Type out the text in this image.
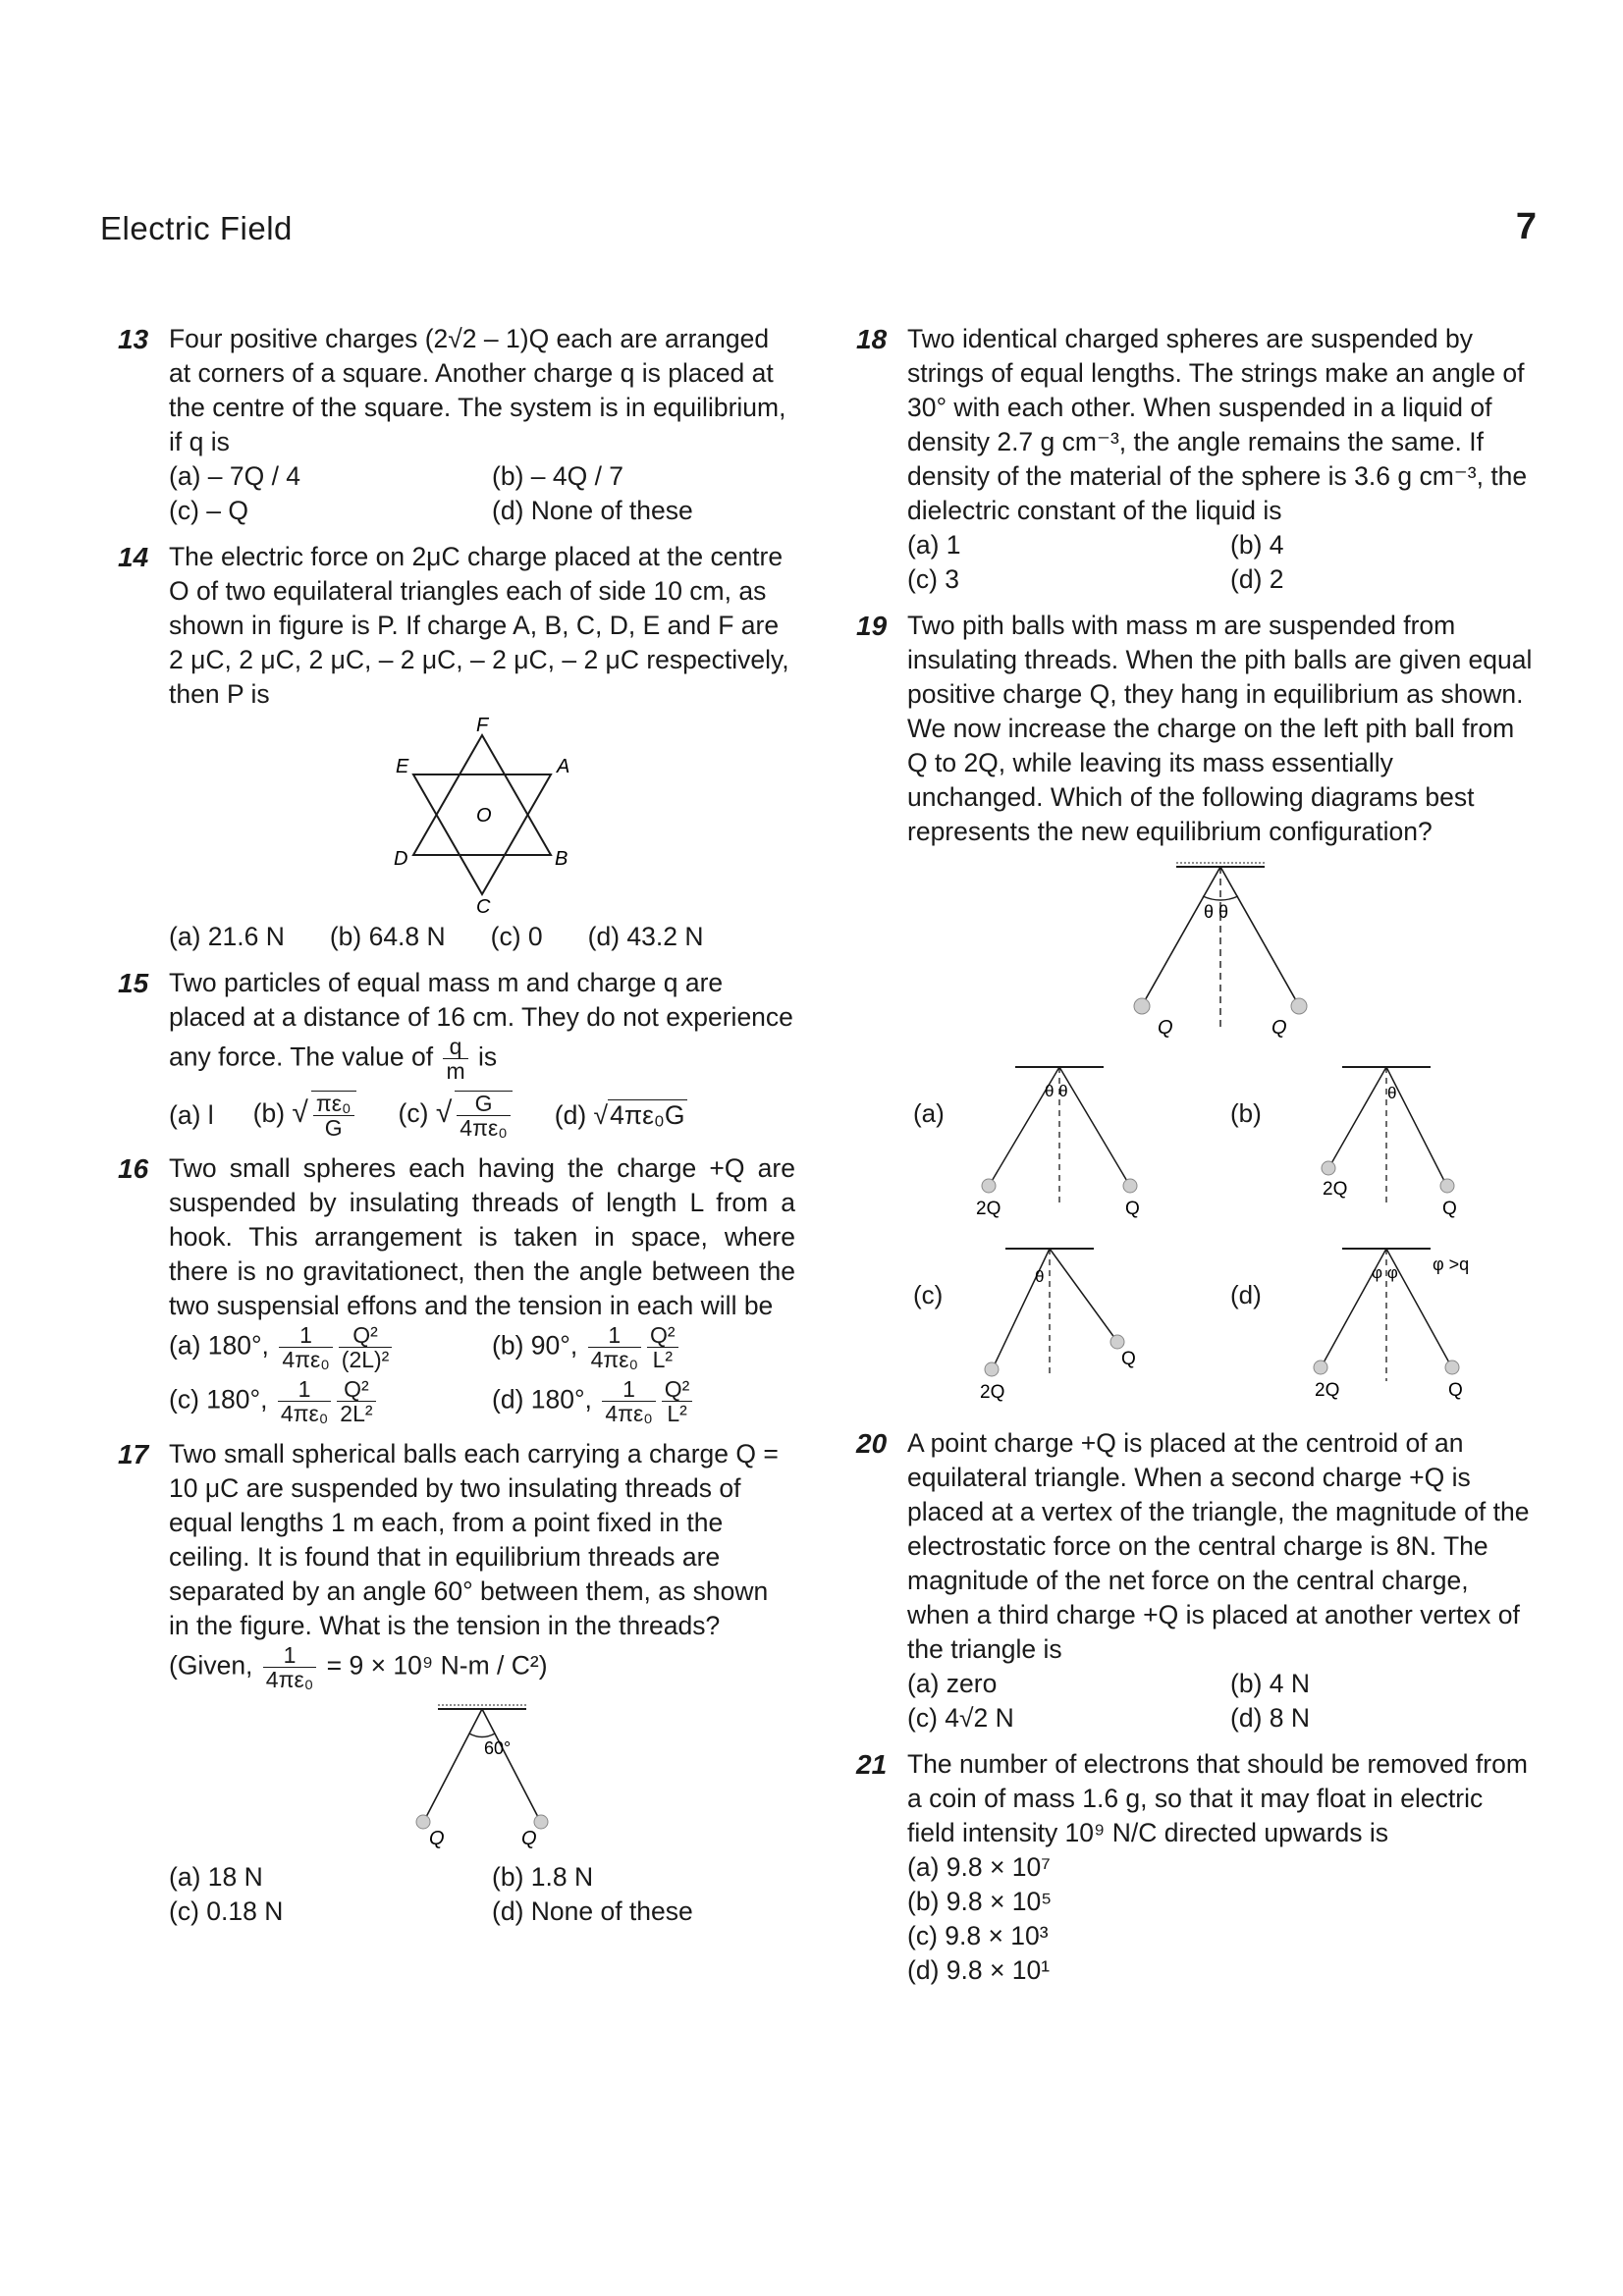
Electric Field	7
13 Four positive charges (2√2 – 1)Q each are arranged at corners of a square. Another charge q is placed at the centre of the square. The system is in equilibrium, if q is
(a) – 7Q / 4	(b) – 4Q / 7
(c) – Q	(d) None of these
14 The electric force on 2μC charge placed at the centre O of two equilateral triangles each of side 10 cm, as shown in figure is P. If charge A, B, C, D, E and F are 2 μC, 2 μC, 2 μC, – 2 μC, – 2 μC, – 2 μC respectively, then P is
F
A
E
O
D	B
C
(a) 21.6 N (b) 64.8 N (c) 0 (d) 43.2 N
15 Two particles of equal mass m and charge q are placed at a distance of 16 cm. They do not experience any force. The value of $\frac{q}{m}$ is
(a) l (b) √ $\frac{\text{πε₀}}{G} (c)$ √ $\frac{G}{\text{4πε₀}} (d)$ √4πε₀G
16 Two small spheres each having the charge +Q are suspended by insulating threads of length L from a hook. This arrangement is taken in space, where there is no gravitationect, then the angle between the two suspensial effons and the tension in each will be
(a) 180°, $\frac{1}{\text{4πε₀}} \frac{\text{Q²}}{\text{(2L)²}}$	(b) 90°, $\frac{1}{\text{4πε₀}} \frac{\text{Q²}}{\text{L²}}$
(c) 180°, $\frac{1}{\text{4πε₀}} \frac{\text{Q²}}{\text{2L²}}$	(d) 180°, $\frac{1}{\text{4πε₀}} \frac{\text{Q²}}{\text{L²}}$
17 Two small spherical balls each carrying a charge Q = 10 μC are suspended by two insulating threads of equal lengths 1 m each, from a point fixed in the ceiling. It is found that in equilibrium threads are separated by an angle 60° between them, as shown in the figure. What is the tension in the threads?
(Given, $\frac{1}{\text{4πε₀}} = 9 \times 10^9$ N-m / C²)
60°
Q	Q
(a) 18 N	(b) 1.8 N
(c) 0.18 N	(d) None of these
18 Two identical charged spheres are suspended by strings of equal lengths. The strings make an angle of 30° with each other. When suspended in a liquid of density 2.7 g cm⁻³, the angle remains the same. If density of the material of the sphere is 3.6 g cm⁻³, the dielectric constant of the liquid is
(a) 1	(b) 4
(c) 3	(d) 2
19 Two pith balls with mass m are suspended from insulating threads. When the pith balls are given equal positive charge Q, they hang in equilibrium as shown. We now increase the charge on the left pith ball from Q to 2Q, while leaving its mass essentially unchanged. Which of the following diagrams best represents the new equilibrium configuration?
θ θ
Q	Q
(a)
θ θ
2Q	Q
(b)
θ
2Q
Q
(c)
θ
2Q
Q
(d)
φ φ φ >q
2Q	Q
20 A point charge +Q is placed at the centroid of an equilateral triangle. When a second charge +Q is placed at a vertex of the triangle, the magnitude of the electrostatic force on the central charge is 8N. The magnitude of the net force on the central charge, when a third charge +Q is placed at another vertex of the triangle is
(a) zero	(b) 4 N
(c) 4√2 N	(d) 8 N
21 The number of electrons that should be removed from a coin of mass 1.6 g, so that it may float in electric field intensity 10⁹ N/C directed upwards is
(a) 9.8 × 10⁷
(b) 9.8 × 10⁵
(c) 9.8 × 10³
(d) 9.8 × 10¹
